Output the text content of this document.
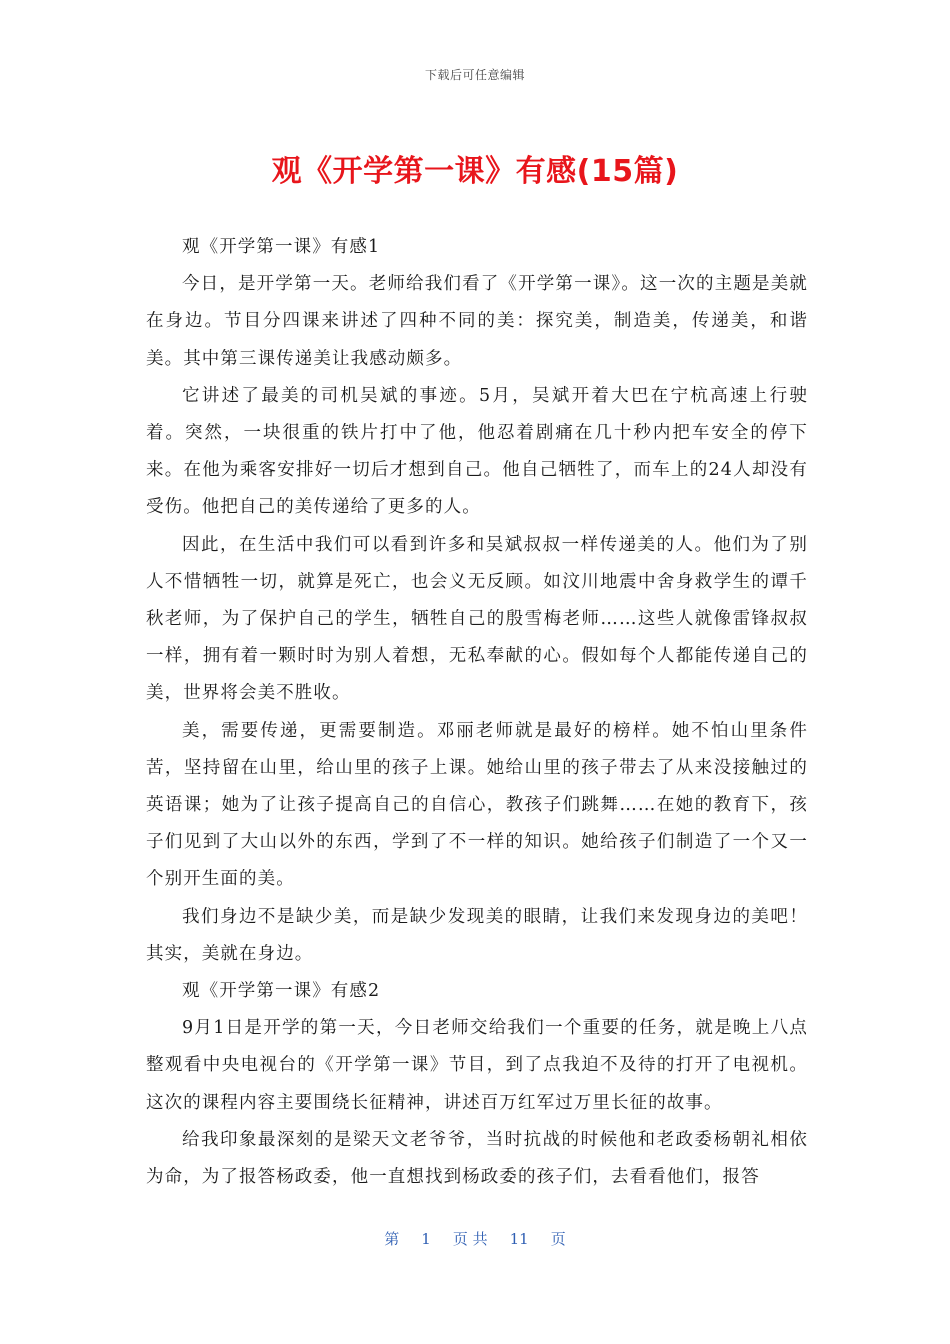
下载后可任意编辑
观《开学第一课》有感(15篇)

观《开学第一课》有感1

今日，是开学第一天。老师给我们看了《开学第一课》。这一次的主题是美就在身边。节目分四课来讲述了四种不同的美：探究美，制造美，传递美，和谐美。其中第三课传递美让我感动颇多。

它讲述了最美的司机吴斌的事迹。5月，吴斌开着大巴在宁杭高速上行驶着。突然，一块很重的铁片打中了他，他忍着剧痛在几十秒内把车安全的停下来。在他为乘客安排好一切后才想到自己。他自己牺牲了，而车上的24人却没有受伤。他把自己的美传递给了更多的人。

因此，在生活中我们可以看到许多和吴斌叔叔一样传递美的人。他们为了别人不惜牺牲一切，就算是死亡，也会义无反顾。如汶川地震中舍身救学生的谭千秋老师，为了保护自己的学生，牺牲自己的殷雪梅老师……这些人就像雷锋叔叔一样，拥有着一颗时时为别人着想，无私奉献的心。假如每个人都能传递自己的美，世界将会美不胜收。

美，需要传递，更需要制造。邓丽老师就是最好的榜样。她不怕山里条件苦，坚持留在山里，给山里的孩子上课。她给山里的孩子带去了从来没接触过的英语课；她为了让孩子提高自己的自信心，教孩子们跳舞……在她的教育下，孩子们见到了大山以外的东西，学到了不一样的知识。她给孩子们制造了一个又一个别开生面的美。

我们身边不是缺少美，而是缺少发现美的眼睛，让我们来发现身边的美吧！其实，美就在身边。

观《开学第一课》有感2

9月1日是开学的第一天，今日老师交给我们一个重要的任务，就是晚上八点整观看中央电视台的《开学第一课》节目，到了点我迫不及待的打开了电视机。这次的课程内容主要围绕长征精神，讲述百万红军过万里长征的故事。

给我印象最深刻的是梁天文老爷爷，当时抗战的时候他和老政委杨朝礼相依为命，为了报答杨政委，他一直想找到杨政委的孩子们，去看看他们，报答

第 1 页 共 11 页
